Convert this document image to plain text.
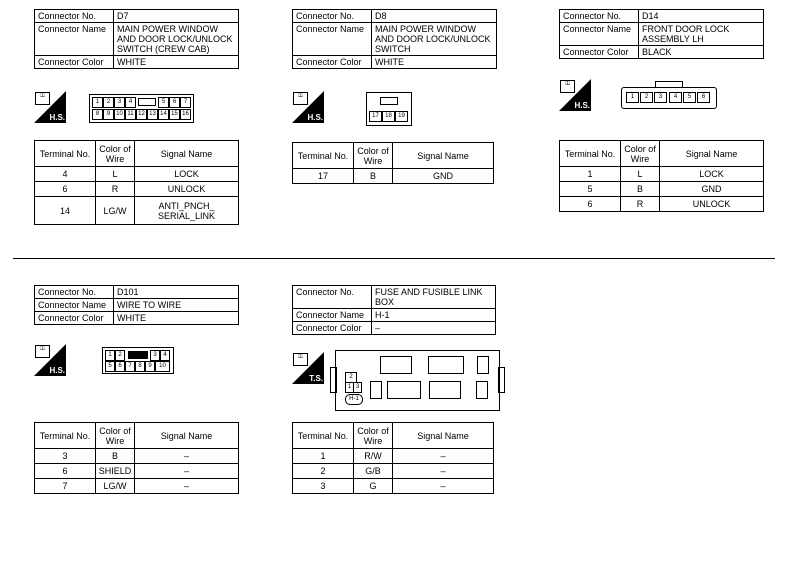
Connector No.	D7
Connector Name	MAIN POWER WINDOW AND DOOR LOCK/UNLOCK SWITCH (CREW CAB)
Connector Color	WHITE
⚿
H.S.
1	2	3	4	5	6	7
8	9 10 11 12 13 14 15 16
Terminal No.	Color of Wire	Signal Name
4	L	LOCK
6	R	UNLOCK
14	LG/W	ANTI_PNCH_ SERIAL_LINK
Connector No.	D8
Connector Name	MAIN POWER WINDOW AND DOOR LOCK/UNLOCK SWITCH
Connector Color	WHITE
⚿
H.S.	17	18	19
Terminal No.	Color of Wire	Signal Name
17	B	GND
Connector No.	D14
Connector Name	FRONT DOOR LOCK ASSEMBLY LH
Connector Color	BLACK
⚿
H.S.
1	2	3	4	5	6
Terminal No.	Color of Wire	Signal Name
1	L	LOCK
5	B	GND
6	R	UNLOCK
Connector No.	D101
Connector Name	WIRE TO WIRE
Connector Color	WHITE
⚿
H.S.
1	2	3	4
5	6	7	8	9	10
Terminal No.	Color of Wire	Signal Name
3	B	–
6	SHIELD	–
7	LG/W	–
Connector No.	FUSE AND FUSIBLE LINK BOX
Connector Name	H-1
Connector Color	–
⚿
T.S.	2
1 3
H-1
Terminal No.	Color of Wire	Signal Name
1	R/W	–
2	G/B	–
3	G	–
